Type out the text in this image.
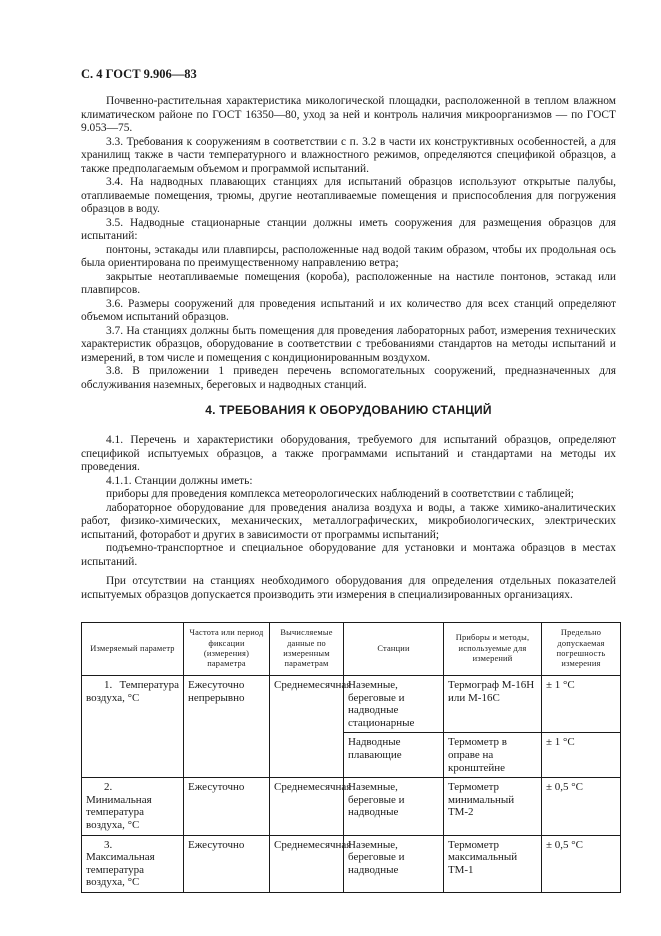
С. 4 ГОСТ 9.906—83

Почвенно-растительная характеристика микологической площадки, расположенной в теплом влажном климатическом районе по ГОСТ 16350—80, уход за ней и контроль наличия микроорганизмов — по ГОСТ 9.053—75.

3.3. Требования к сооружениям в соответствии с п. 3.2 в части их конструктивных особенностей, а для хранилищ также в части температурного и влажностного режимов, определяются спецификой образцов, а также предполагаемым объемом и программой испытаний.

3.4. На надводных плавающих станциях для испытаний образцов используют открытые палубы, отапливаемые помещения, трюмы, другие неотапливаемые помещения и приспособления для погружения образцов в воду.

3.5. Надводные стационарные станции должны иметь сооружения для размещения образцов для испытаний:

понтоны, эстакады или плавпирсы, расположенные над водой таким образом, чтобы их продольная ось была ориентирована по преимущественному направлению ветра;

закрытые неотапливаемые помещения (короба), расположенные на настиле понтонов, эстакад или плавпирсов.

3.6. Размеры сооружений для проведения испытаний и их количество для всех станций определяют объемом испытаний образцов.

3.7. На станциях должны быть помещения для проведения лабораторных работ, измерения технических характеристик образцов, оборудование в соответствии с требованиями стандартов на методы испытаний и измерений, в том числе и помещения с кондиционированным воздухом.

3.8. В приложении 1 приведен перечень вспомогательных сооружений, предназначенных для обслуживания наземных, береговых и надводных станций.

4. ТРЕБОВАНИЯ К ОБОРУДОВАНИЮ СТАНЦИЙ

4.1. Перечень и характеристики оборудования, требуемого для испытаний образцов, определяют спецификой испытуемых образцов, а также программами испытаний и стандартами на методы их проведения.

4.1.1. Станции должны иметь:

приборы для проведения комплекса метеорологических наблюдений в соответствии с таблицей;

лабораторное оборудование для проведения анализа воздуха и воды, а также химико-аналитических работ, физико-химических, механических, металлографических, микробиологических, электрических испытаний, фоторабот и других в зависимости от программы испытаний;

подъемно-транспортное и специальное оборудование для установки и монтажа образцов в местах испытаний.

При отсутствии на станциях необходимого оборудования для определения отдельных показателей испытуемых образцов допускается производить эти измерения в специализированных организациях.

Измеряемый параметр	Частота или период фиксации (измерения) параметра	Вычисляемые данные по измеренным параметрам	Станции	Приборы и методы, используемые для измерений	Предельно допускаемая погрешность измерения

1. Температура воздуха, °С	Ежесуточно непрерывно	Среднемесячная	Наземные, береговые и надводные стационарные	Термограф М-16Н или М-16С	± 1 °С
			Надводные плавающие	Термометр в оправе на кронштейне	± 1 °С

2. Минимальная температура воздуха, °С	Ежесуточно	Среднемесячная	Наземные, береговые и надводные	Термометр минимальный ТМ-2	± 0,5 °С

3. Максимальная температура воздуха, °С	Ежесуточно	Среднемесячная	Наземные, береговые и надводные	Термометр максимальный ТМ-1	± 0,5 °С
